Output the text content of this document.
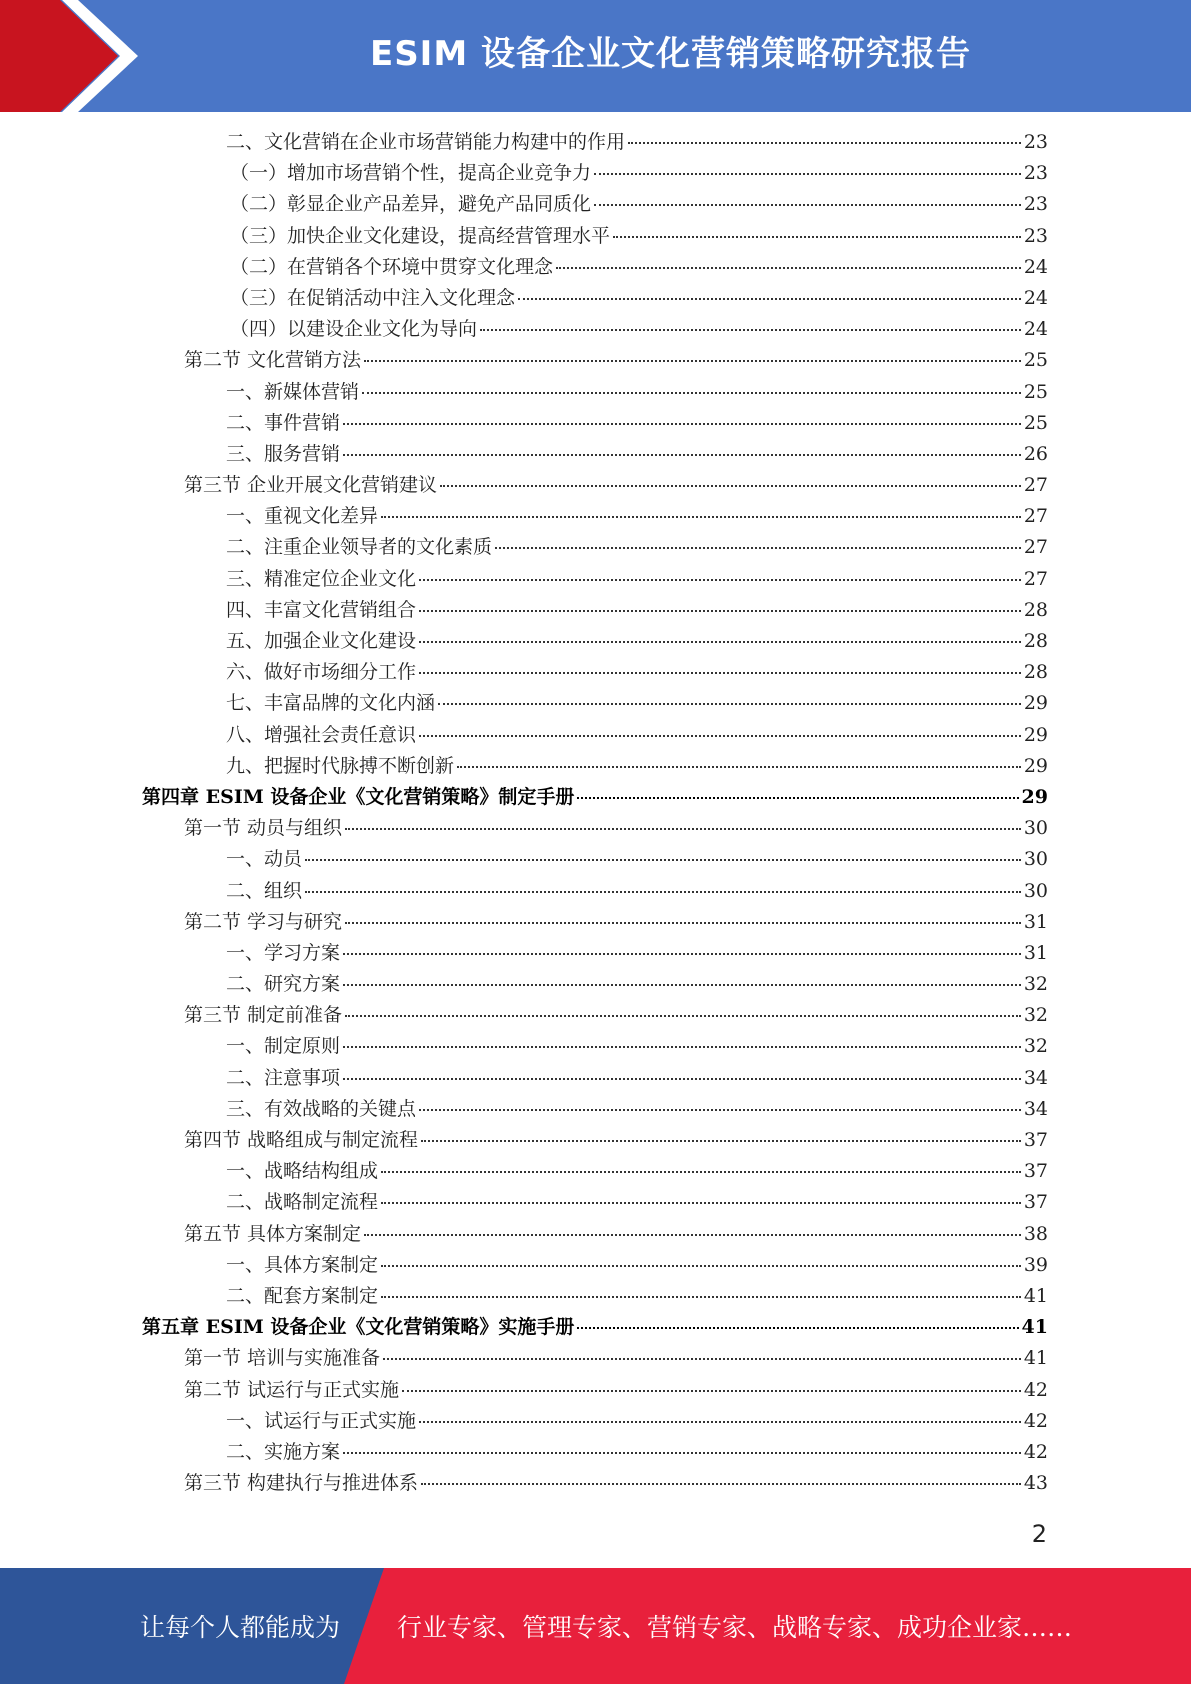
ESIM 设备企业文化营销策略研究报告
二、文化营销在企业市场营销能力构建中的作用	23
（一）增加市场营销个性，提高企业竞争力	23
（二）彰显企业产品差异，避免产品同质化	23
（三）加快企业文化建设，提高经营管理水平	23
（二）在营销各个环境中贯穿文化理念	24
（三）在促销活动中注入文化理念	24
（四）以建设企业文化为导向	24
第二节 文化营销方法	25
一、新媒体营销	25
二、事件营销	25
三、服务营销	26
第三节 企业开展文化营销建议	27
一、重视文化差异	27
二、注重企业领导者的文化素质	27
三、精准定位企业文化	27
四、丰富文化营销组合	28
五、加强企业文化建设	28
六、做好市场细分工作	28
七、丰富品牌的文化内涵	29
八、增强社会责任意识	29
九、把握时代脉搏不断创新	29
第四章 ESIM 设备企业《文化营销策略》制定手册	29
第一节 动员与组织	30
一、动员	30
二、组织	30
第二节 学习与研究	31
一、学习方案	31
二、研究方案	32
第三节 制定前准备	32
一、制定原则	32
二、注意事项	34
三、有效战略的关键点	34
第四节 战略组成与制定流程	37
一、战略结构组成	37
二、战略制定流程	37
第五节 具体方案制定	38
一、具体方案制定	39
二、配套方案制定	41
第五章 ESIM 设备企业《文化营销策略》实施手册	41
第一节 培训与实施准备	41
第二节 试运行与正式实施	42
一、试运行与正式实施	42
二、实施方案	42
第三节 构建执行与推进体系	43
2
让每个人都能成为 行业专家、管理专家、营销专家、战略专家、成功企业家……
